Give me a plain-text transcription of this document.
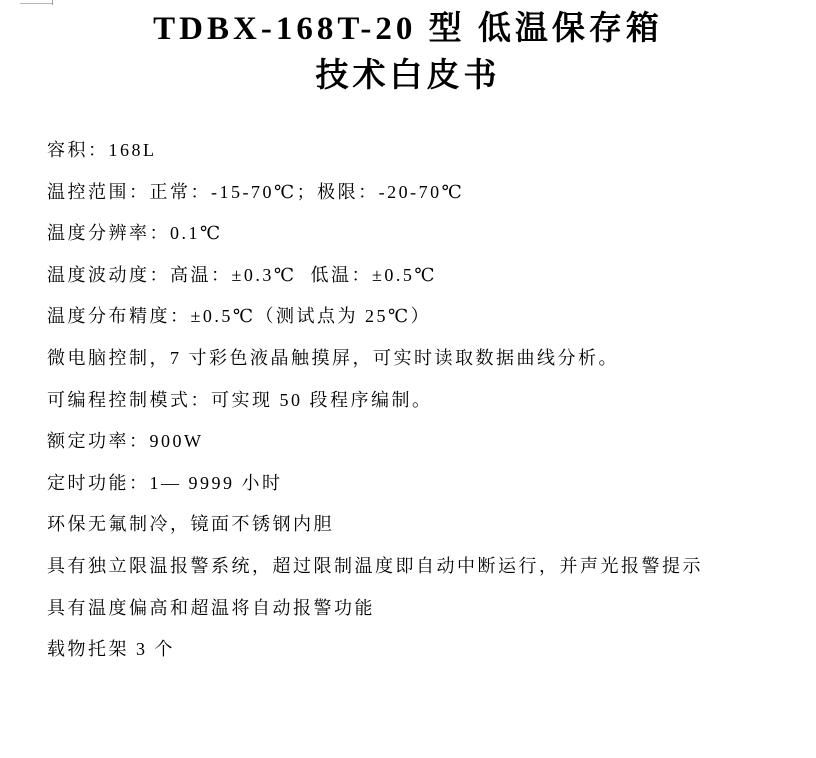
TDBX-168T-20 型 低温保存箱
技术白皮书

容积：168L

温控范围：正常：-15-70℃；极限：-20-70℃

温度分辨率：0.1℃

温度波动度：高温：±0.3℃  低温：±0.5℃

温度分布精度：±0.5℃（测试点为 25℃）

微电脑控制，7 寸彩色液晶触摸屏，可实时读取数据曲线分析。

可编程控制模式：可实现 50 段程序编制。

额定功率：900W

定时功能：1— 9999 小时

环保无氟制冷，镜面不锈钢内胆

具有独立限温报警系统，超过限制温度即自动中断运行，并声光报警提示

具有温度偏高和超温将自动报警功能

载物托架 3 个
